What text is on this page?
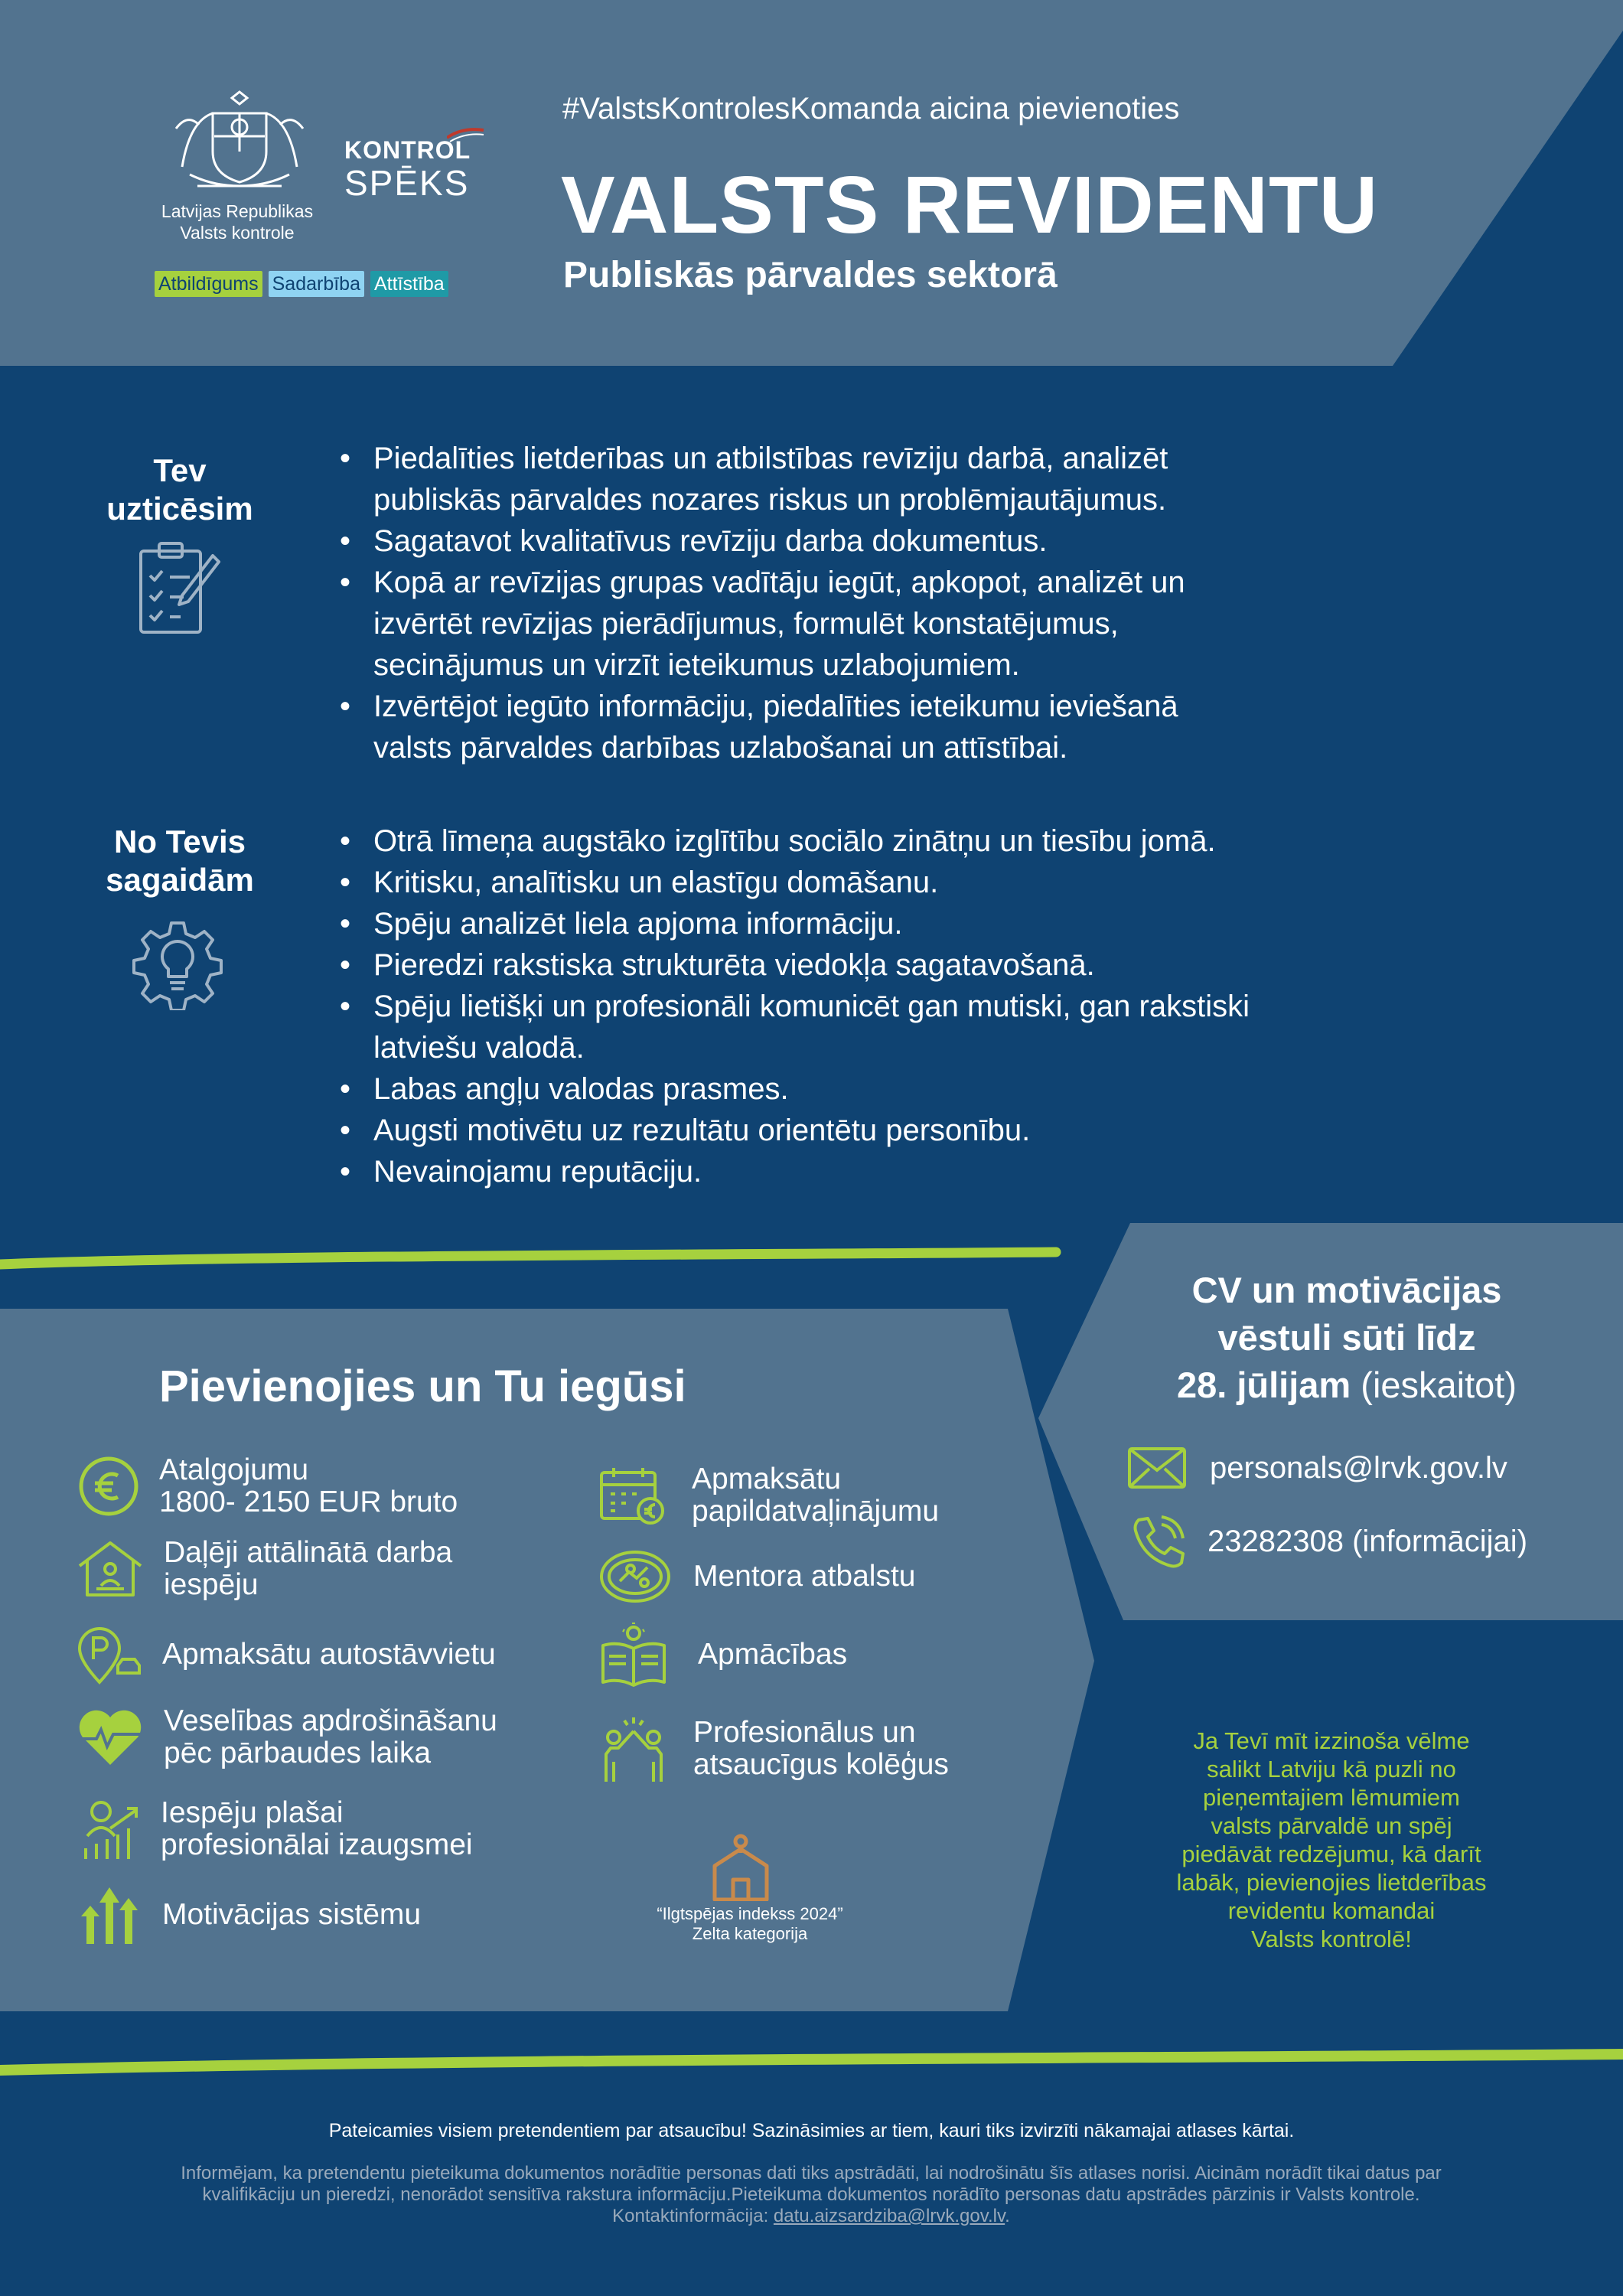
Latvijas Republikas
Valsts kontrole
KONTROL
SPĒKS
Atbildīgums Sadarbība Attīstība
#ValstsKontrolesKomanda aicina pievienoties
VALSTS REVIDENTU
Publiskās pārvaldes sektorā
Tev
uzticēsim
• Piedalīties lietderības un atbilstības revīziju darbā, analizēt
publiskās pārvaldes nozares riskus un problēmjautājumus.
• Sagatavot kvalitatīvus revīziju darba dokumentus.
• Kopā ar revīzijas grupas vadītāju iegūt, apkopot, analizēt un
izvērtēt revīzijas pierādījumus, formulēt konstatējumus,
secinājumus un virzīt ieteikumus uzlabojumiem.
• Izvērtējot iegūto informāciju, piedalīties ieteikumu ieviešanā
valsts pārvaldes darbības uzlabošanai un attīstībai.
No Tevis
sagaidām
• Otrā līmeņa augstāko izglītību sociālo zinātņu un tiesību jomā.
• Kritisku, analītisku un elastīgu domāšanu.
• Spēju analizēt liela apjoma informāciju.
• Pieredzi rakstiska strukturēta viedokļa sagatavošanā.
• Spēju lietišķi un profesionāli komunicēt gan mutiski, gan rakstiski
latviešu valodā.
• Labas angļu valodas prasmes.
• Augsti motivētu uz rezultātu orientētu personību.
• Nevainojamu reputāciju.
Pievienojies un Tu iegūsi
Atalgojumu
1800- 2150 EUR bruto
Daļēji attālinātā darba
iespēju
Apmaksātu autostāvvietu
Veselības apdrošināšanu
pēc pārbaudes laika
Iespēju plašai
profesionālai izaugsmei
Motivācijas sistēmu
Apmaksātu
papildatvaļinājumu
Mentora atbalstu
Apmācības
Profesionālus un
atsaucīgus kolēģus
“Ilgtspējas indekss 2024”
Zelta kategorija
CV un motivācijas
vēstuli sūti līdz
28. jūlijam (ieskaitot)
personals@lrvk.gov.lv
23282308 (informācijai)
Ja Tevī mīt izzinoša vēlme
salikt Latviju kā puzli no
pieņemtajiem lēmumiem
valsts pārvaldē un spēj
piedāvāt redzējumu, kā darīt
labāk, pievienojies lietderības
revidentu komandai
Valsts kontrolē!
Pateicamies visiem pretendentiem par atsaucību! Sazināsimies ar tiem, kauri tiks izvirzīti nākamajai atlases kārtai.
Informējam, ka pretendentu pieteikuma dokumentos norādītie personas dati tiks apstrādāti, lai nodrošinātu šīs atlases norisi. Aicinām norādīt tikai datus par
kvalifikāciju un pieredzi, nenorādot sensitīva rakstura informāciju.Pieteikuma dokumentos norādīto personas datu apstrādes pārzinis ir Valsts kontrole.
Kontaktinformācija: datu.aizsardziba@lrvk.gov.lv.
